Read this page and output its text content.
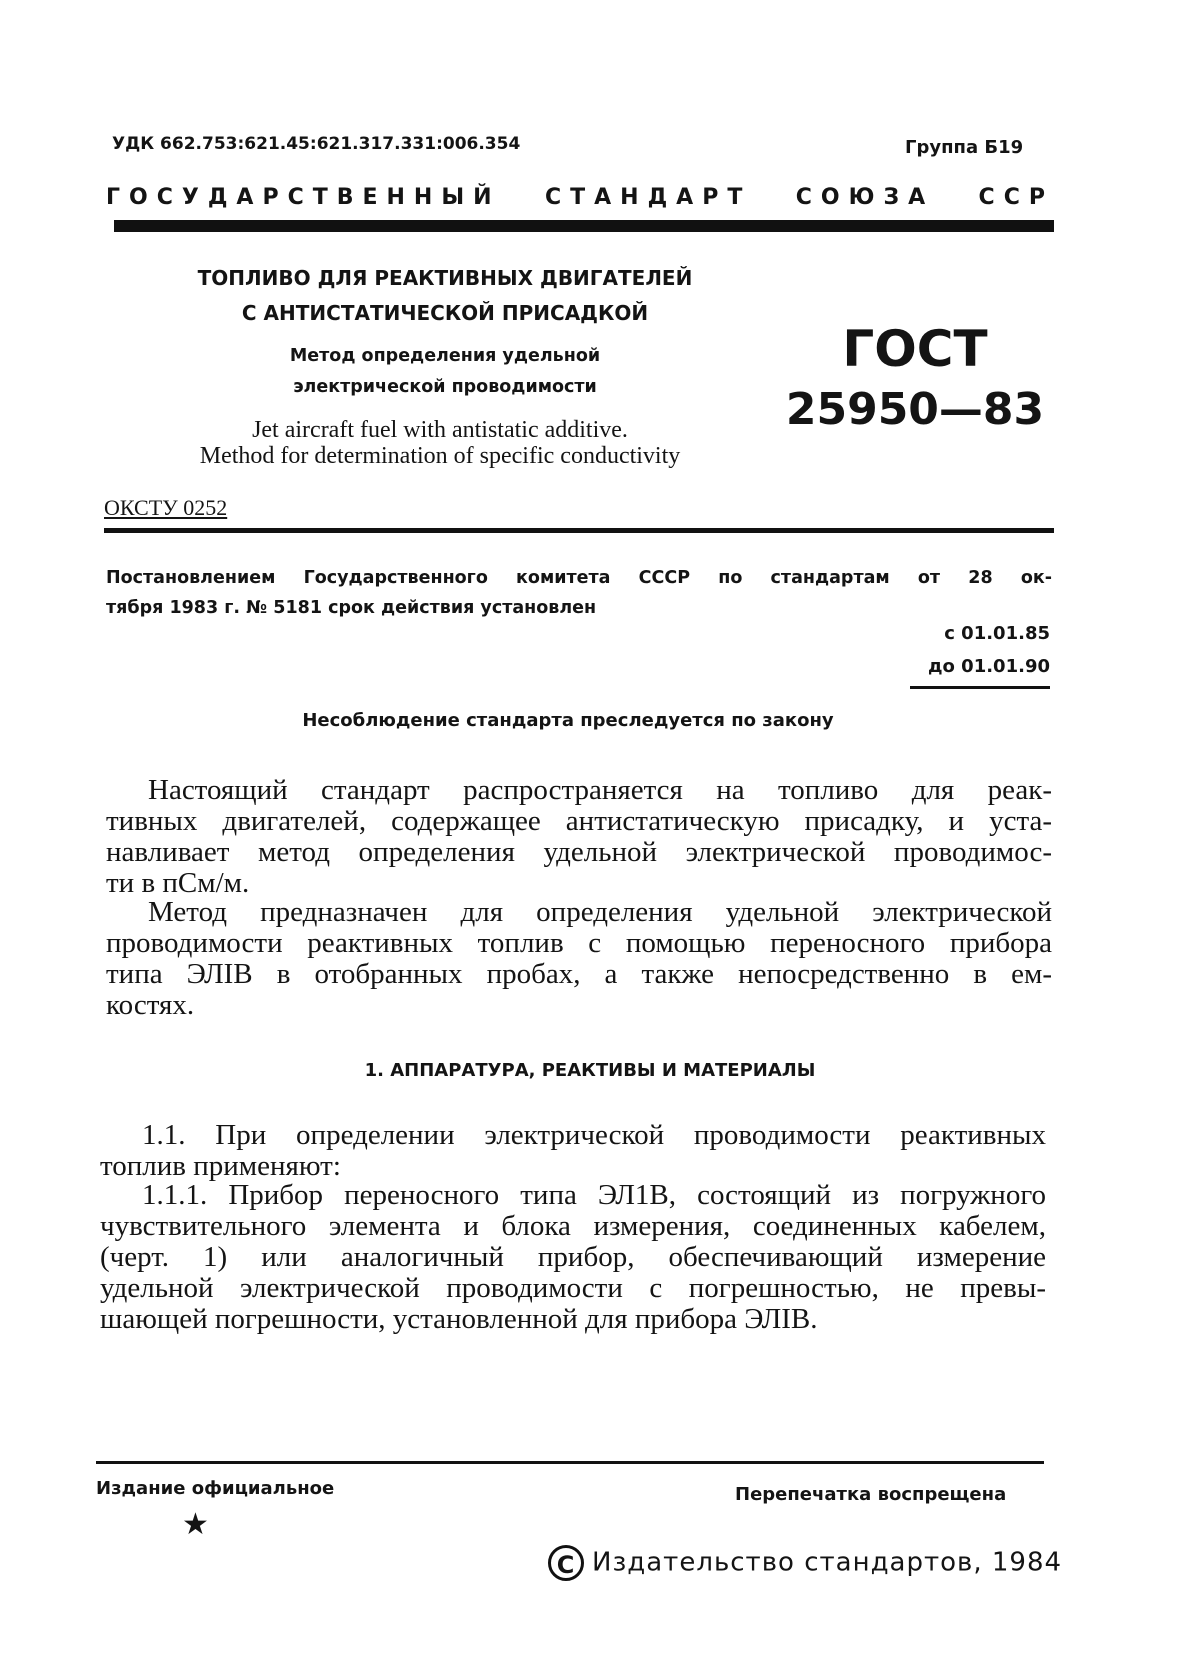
УДК 662.753:621.45:621.317.331:006.354	Группа Б19
ГОСУДАРСТВЕННЫЙ СТАНДАРТ СОЮЗА ССР
ТОПЛИВО ДЛЯ РЕАКТИВНЫХ ДВИГАТЕЛЕЙ
С АНТИСТАТИЧЕСКОЙ ПРИСАДКОЙ
Метод определения удельной
электрической проводимости
Jet aircraft fuel with antistatic additive.
Method for determination of specific conductivity
ГОСТ
25950—83
ОКСТУ 0252
Постановлением Государственного комитета СССР по стандартам от 28 ок-
тября 1983 г. № 5181 срок действия установлен
с 01.01.85
до 01.01.90
Несоблюдение стандарта преследуется по закону
Настоящий стандарт распространяется на топливо для реак-
тивных двигателей, содержащее антистатическую присадку, и уста-
навливает метод определения удельной электрической проводимос-
ти в пСм/м.
Метод предназначен для определения удельной электрической
проводимости реактивных топлив с помощью переносного прибора
типа ЭЛІВ в отобранных пробах, а также непосредственно в ем-
костях.
1. АППАРАТУРА, РЕАКТИВЫ И МАТЕРИАЛЫ
1.1. При определении электрической проводимости реактивных
топлив применяют:
1.1.1. Прибор переносного типа ЭЛ1В, состоящий из погружного
чувствительного элемента и блока измерения, соединенных кабелем,
(черт. 1) или аналогичный прибор, обеспечивающий измерение
удельной электрической проводимости с погрешностью, не превы-
шающей погрешности, установленной для прибора ЭЛІВ.
Издание официальное
★
Перепечатка воспрещена
C Издательство стандартов, 1984
